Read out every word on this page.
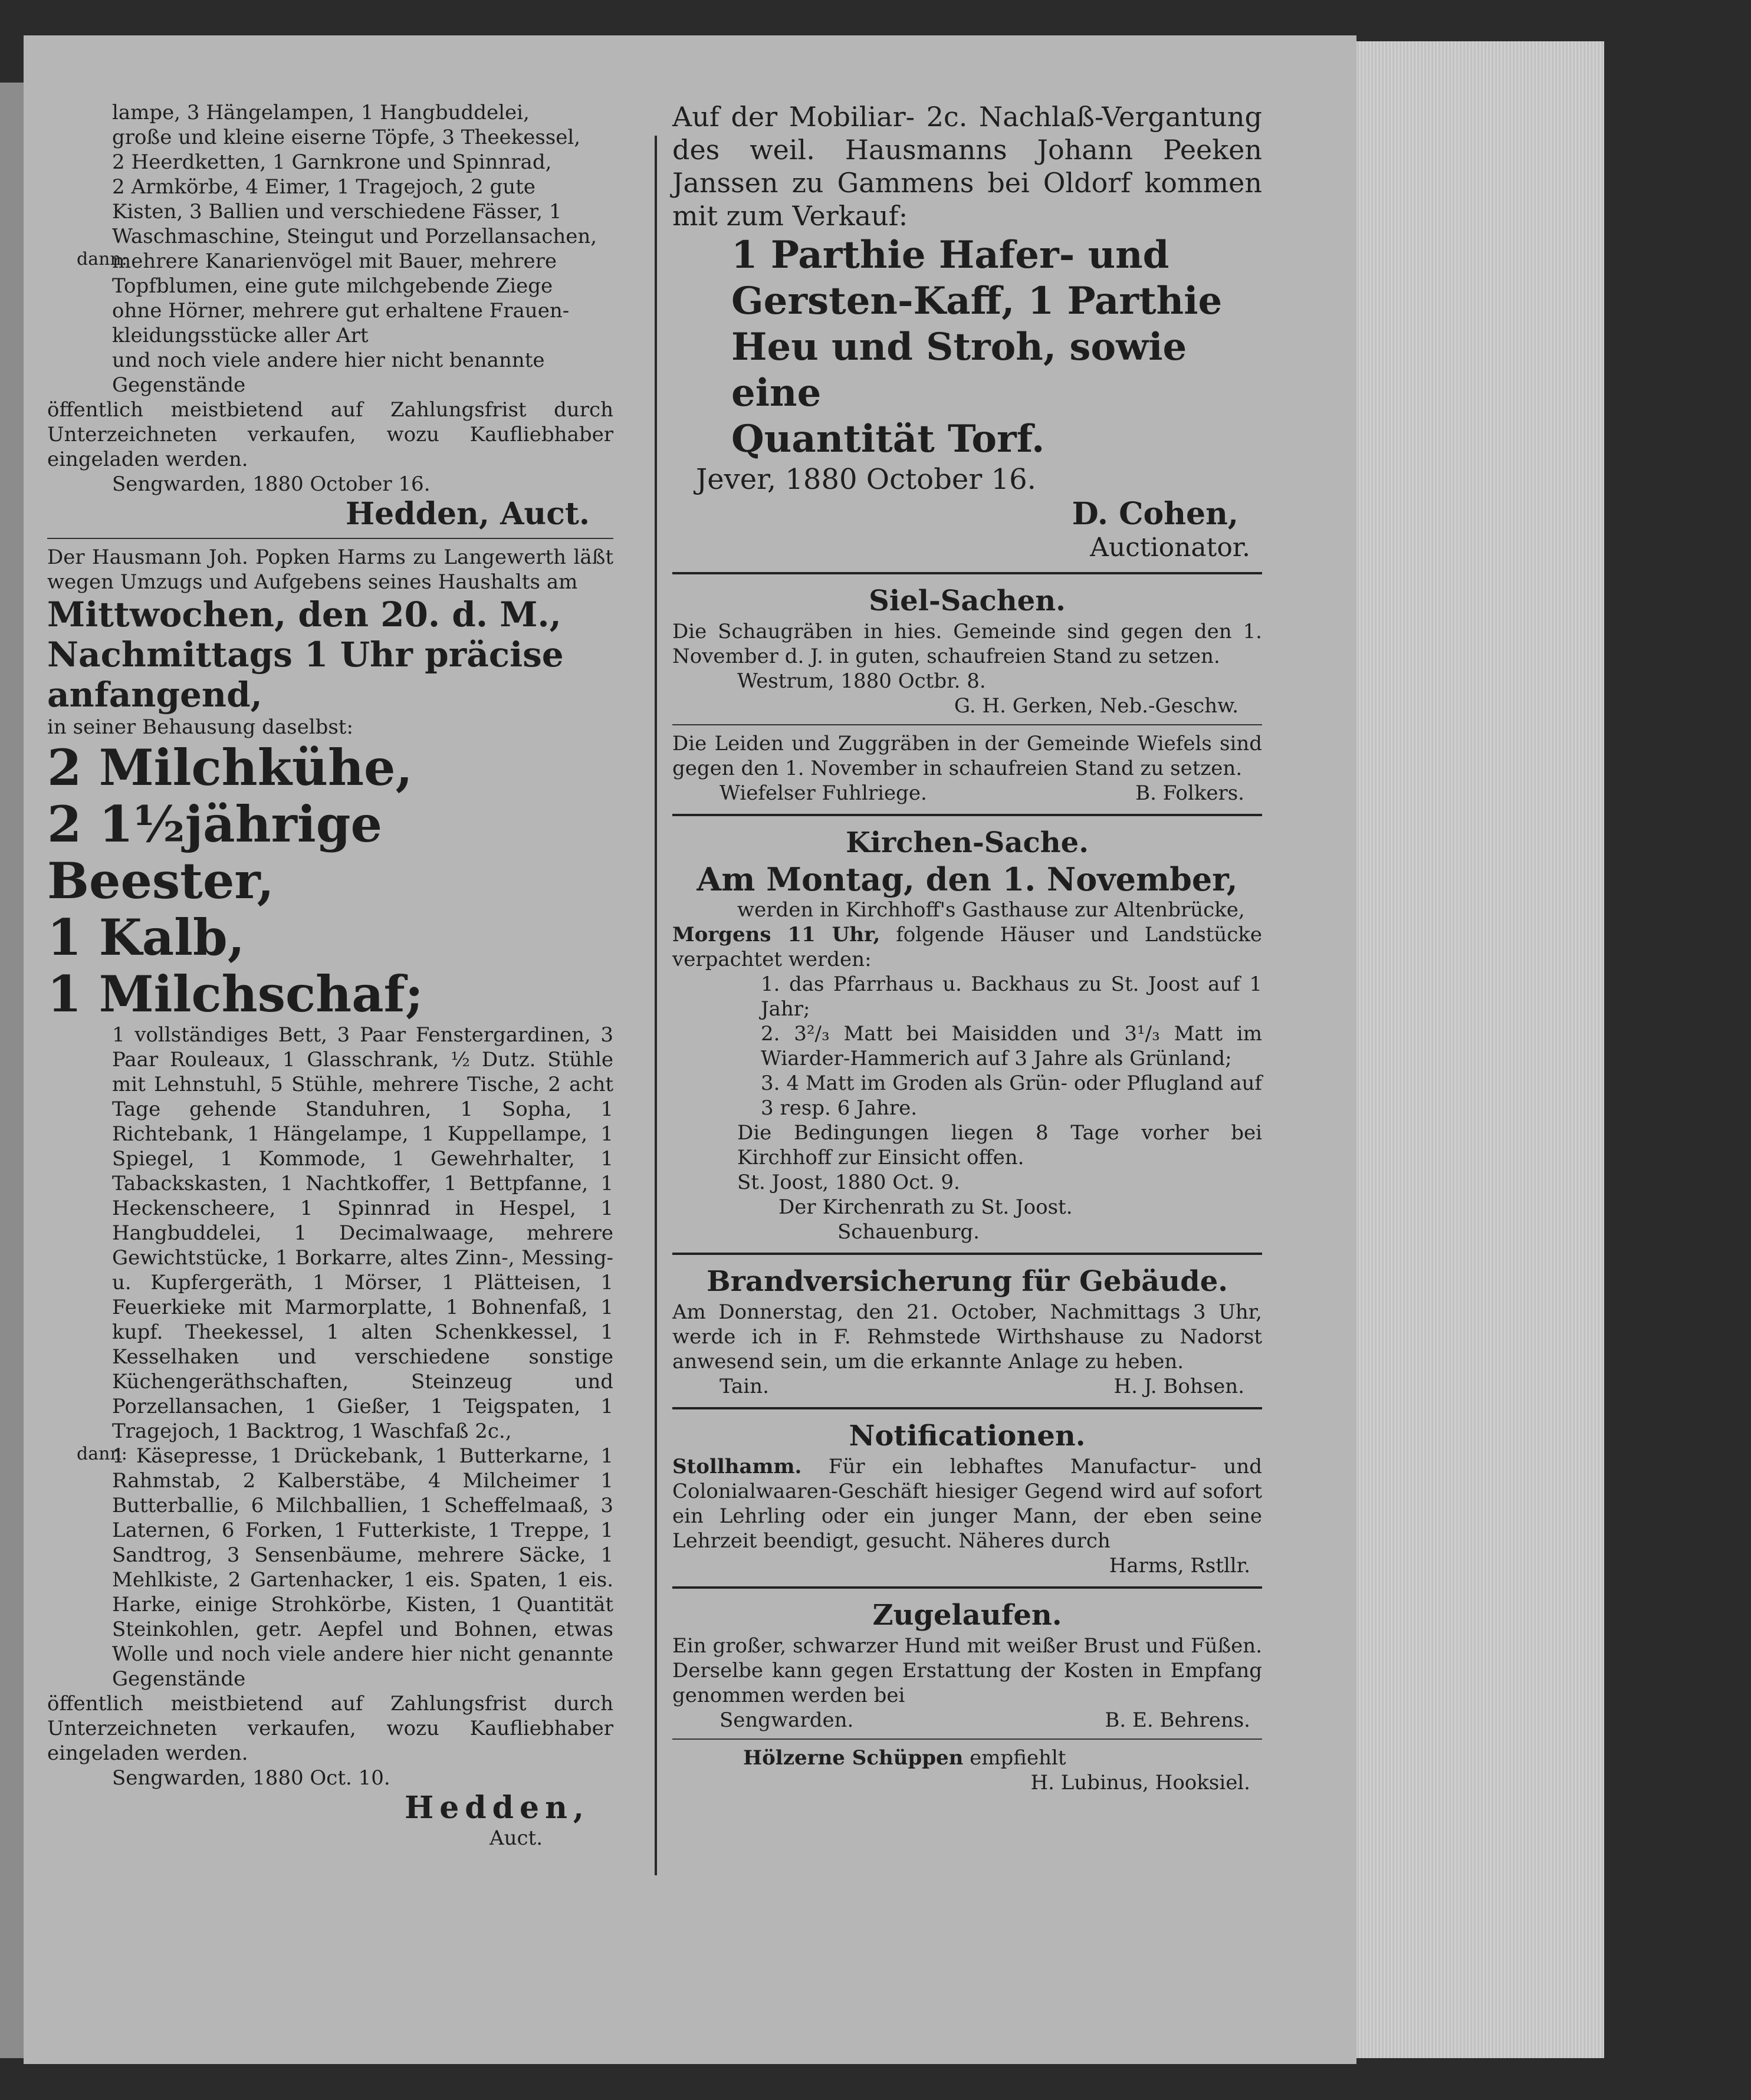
lampe, 3 Hängelampen, 1 Hangbuddelei,

große und kleine eiserne Töpfe, 3 Theekessel,

2 Heerdketten, 1 Garnkrone und Spinnrad,

2 Armkörbe, 4 Eimer, 1 Tragejoch, 2 gute

Kisten, 3 Ballien und verschiedene Fässer, 1

Waschmaschine, Steingut und Porzellansachen,

dann:

mehrere Kanarienvögel mit Bauer, mehrere

Topfblumen, eine gute milchgebende Ziege

ohne Hörner, mehrere gut erhaltene Frauen-

kleidungsstücke aller Art

und noch viele andere hier nicht benannte

Gegenstände

öffentlich meistbietend auf Zahlungsfrist durch Unterzeichneten verkaufen, wozu Kaufliebhaber eingeladen werden.

Sengwarden, 1880 October 16.

Hedden, Auct.

Der Hausmann Joh. Popken Harms zu Langewerth läßt wegen Umzugs und Aufgebens seines Haushalts am

Mittwochen, den 20. d. M.,
Nachmittags 1 Uhr präcise anfangend,

in seiner Behausung daselbst:

2 Milchkühe,
2 1½jährige Beester,
1 Kalb,
1 Milchschaf;

1 vollständiges Bett, 3 Paar Fenstergardinen, 3 Paar Rouleaux, 1 Glasschrank, ½ Dutz. Stühle mit Lehnstuhl, 5 Stühle, mehrere Tische, 2 acht Tage gehende Standuhren, 1 Sopha, 1 Richtebank, 1 Hängelampe, 1 Kuppellampe, 1 Spiegel, 1 Kommode, 1 Gewehrhalter, 1 Tabackskasten, 1 Nachtkoffer, 1 Bettpfanne, 1 Heckenscheere, 1 Spinnrad in Hespel, 1 Hangbuddelei, 1 Decimalwaage, mehrere Gewichtstücke, 1 Borkarre, altes Zinn-, Messing- u. Kupfergeräth, 1 Mörser, 1 Plätteisen, 1 Feuerkieke mit Marmorplatte, 1 Bohnenfaß, 1 kupf. Theekessel, 1 alten Schenkkessel, 1 Kesselhaken und verschiedene sonstige Küchengeräthschaften, Steinzeug und Porzellansachen, 1 Gießer, 1 Teigspaten, 1 Tragejoch, 1 Backtrog, 1 Waschfaß 2c.,

dann:

1 Käsepresse, 1 Drückebank, 1 Butterkarne, 1 Rahmstab, 2 Kalberstäbe, 4 Milcheimer 1 Butterballie, 6 Milchballien, 1 Scheffelmaaß, 3 Laternen, 6 Forken, 1 Futterkiste, 1 Treppe, 1 Sandtrog, 3 Sensenbäume, mehrere Säcke, 1 Mehlkiste, 2 Gartenhacker, 1 eis. Spaten, 1 eis. Harke, einige Strohkörbe, Kisten, 1 Quantität Steinkohlen, getr. Aepfel und Bohnen, etwas Wolle und noch viele andere hier nicht genannte Gegenstände

öffentlich meistbietend auf Zahlungsfrist durch Unterzeichneten verkaufen, wozu Kaufliebhaber eingeladen werden.

Sengwarden, 1880 Oct. 10.

Hedden,

Auct.

Auf der Mobiliar- 2c. Nachlaß-Vergantung des weil. Hausmanns Johann Peeken Janssen zu Gammens bei Oldorf kommen mit zum Verkauf:

1 Parthie Hafer- und
Gersten-Kaff, 1 Parthie
Heu und Stroh, sowie eine
Quantität Torf.

Jever, 1880 October 16.

D. Cohen,

Auctionator.

Siel-Sachen.

Die Schaugräben in hies. Gemeinde sind gegen den 1. November d. J. in guten, schaufreien Stand zu setzen.

Westrum, 1880 Octbr. 8.

G. H. Gerken, Neb.-Geschw.

Die Leiden und Zuggräben in der Gemeinde Wiefels sind gegen den 1. November in schaufreien Stand zu setzen.

Wiefelser Fuhlriege.	B. Folkers.
Kirchen-Sache.
Am Montag, den 1. November,

werden in Kirchhoff's Gasthause zur Altenbrücke,

Morgens 11 Uhr, folgende Häuser und Landstücke verpachtet werden:

1. das Pfarrhaus u. Backhaus zu St. Joost auf 1 Jahr;

2. 3²/₃ Matt bei Maisidden und 3¹/₃ Matt im Wiarder-Hammerich auf 3 Jahre als Grünland;

3. 4 Matt im Groden als Grün- oder Pflugland auf 3 resp. 6 Jahre.

Die Bedingungen liegen 8 Tage vorher bei Kirchhoff zur Einsicht offen.

St. Joost, 1880 Oct. 9.

Der Kirchenrath zu St. Joost.

Schauenburg.

Brandversicherung für Gebäude.

Am Donnerstag, den 21. October, Nachmittags 3 Uhr, werde ich in F. Rehmstede Wirthshause zu Nadorst anwesend sein, um die erkannte Anlage zu heben.

Tain.	H. J. Bohsen.
Notificationen.

Stollhamm. Für ein lebhaftes Manufactur- und Colonialwaaren-Geschäft hiesiger Gegend wird auf sofort ein Lehrling oder ein junger Mann, der eben seine Lehrzeit beendigt, gesucht. Näheres durch

Harms, Rstllr.

Zugelaufen.

Ein großer, schwarzer Hund mit weißer Brust und Füßen. Derselbe kann gegen Erstattung der Kosten in Empfang genommen werden bei

Sengwarden.	B. E. Behrens.

Hölzerne Schüppen empfiehlt

H. Lubinus, Hooksiel.
